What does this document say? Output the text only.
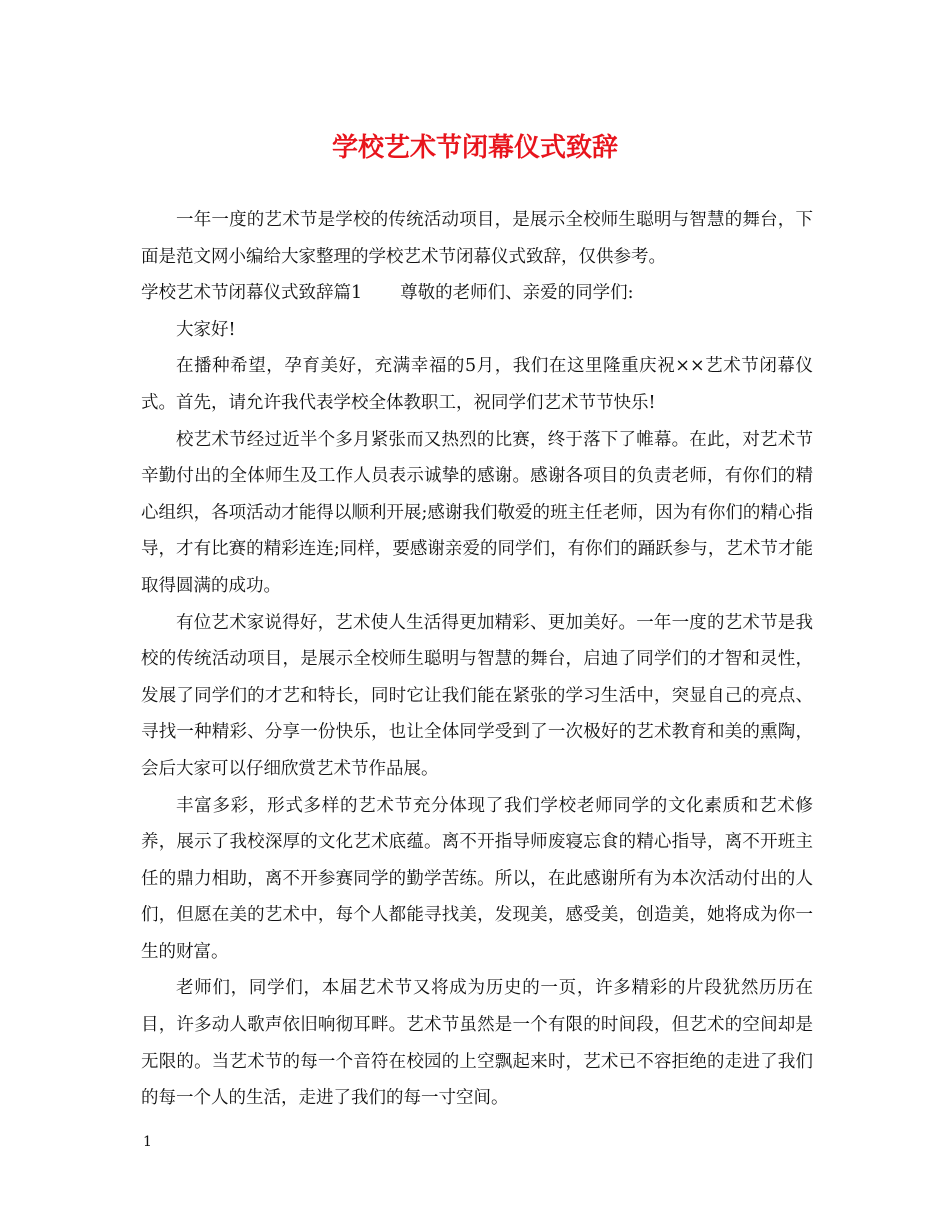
学校艺术节闭幕仪式致辞

一年一度的艺术节是学校的传统活动项目，是展示全校师生聪明与智慧的舞台，下面是范文网小编给大家整理的学校艺术节闭幕仪式致辞，仅供参考。

学校艺术节闭幕仪式致辞篇1 尊敬的老师们、亲爱的同学们:

大家好!

在播种希望，孕育美好，充满幸福的5月，我们在这里隆重庆祝××艺术节闭幕仪式。首先，请允许我代表学校全体教职工，祝同学们艺术节节快乐!

校艺术节经过近半个多月紧张而又热烈的比赛，终于落下了帷幕。在此，对艺术节辛勤付出的全体师生及工作人员表示诚挚的感谢。感谢各项目的负责老师，有你们的精心组织，各项活动才能得以顺利开展;感谢我们敬爱的班主任老师，因为有你们的精心指导，才有比赛的精彩连连;同样，要感谢亲爱的同学们，有你们的踊跃参与，艺术节才能取得圆满的成功。

有位艺术家说得好，艺术使人生活得更加精彩、更加美好。一年一度的艺术节是我校的传统活动项目，是展示全校师生聪明与智慧的舞台，启迪了同学们的才智和灵性，发展了同学们的才艺和特长，同时它让我们能在紧张的学习生活中，突显自己的亮点、寻找一种精彩、分享一份快乐，也让全体同学受到了一次极好的艺术教育和美的熏陶，会后大家可以仔细欣赏艺术节作品展。

丰富多彩，形式多样的艺术节充分体现了我们学校老师同学的文化素质和艺术修养，展示了我校深厚的文化艺术底蕴。离不开指导师废寝忘食的精心指导，离不开班主任的鼎力相助，离不开参赛同学的勤学苦练。所以，在此感谢所有为本次活动付出的人们，但愿在美的艺术中，每个人都能寻找美，发现美，感受美，创造美，她将成为你一生的财富。

老师们，同学们，本届艺术节又将成为历史的一页，许多精彩的片段犹然历历在目，许多动人歌声依旧响彻耳畔。艺术节虽然是一个有限的时间段，但艺术的空间却是无限的。当艺术节的每一个音符在校园的上空飘起来时，艺术已不容拒绝的走进了我们的每一个人的生活，走进了我们的每一寸空间。

1
